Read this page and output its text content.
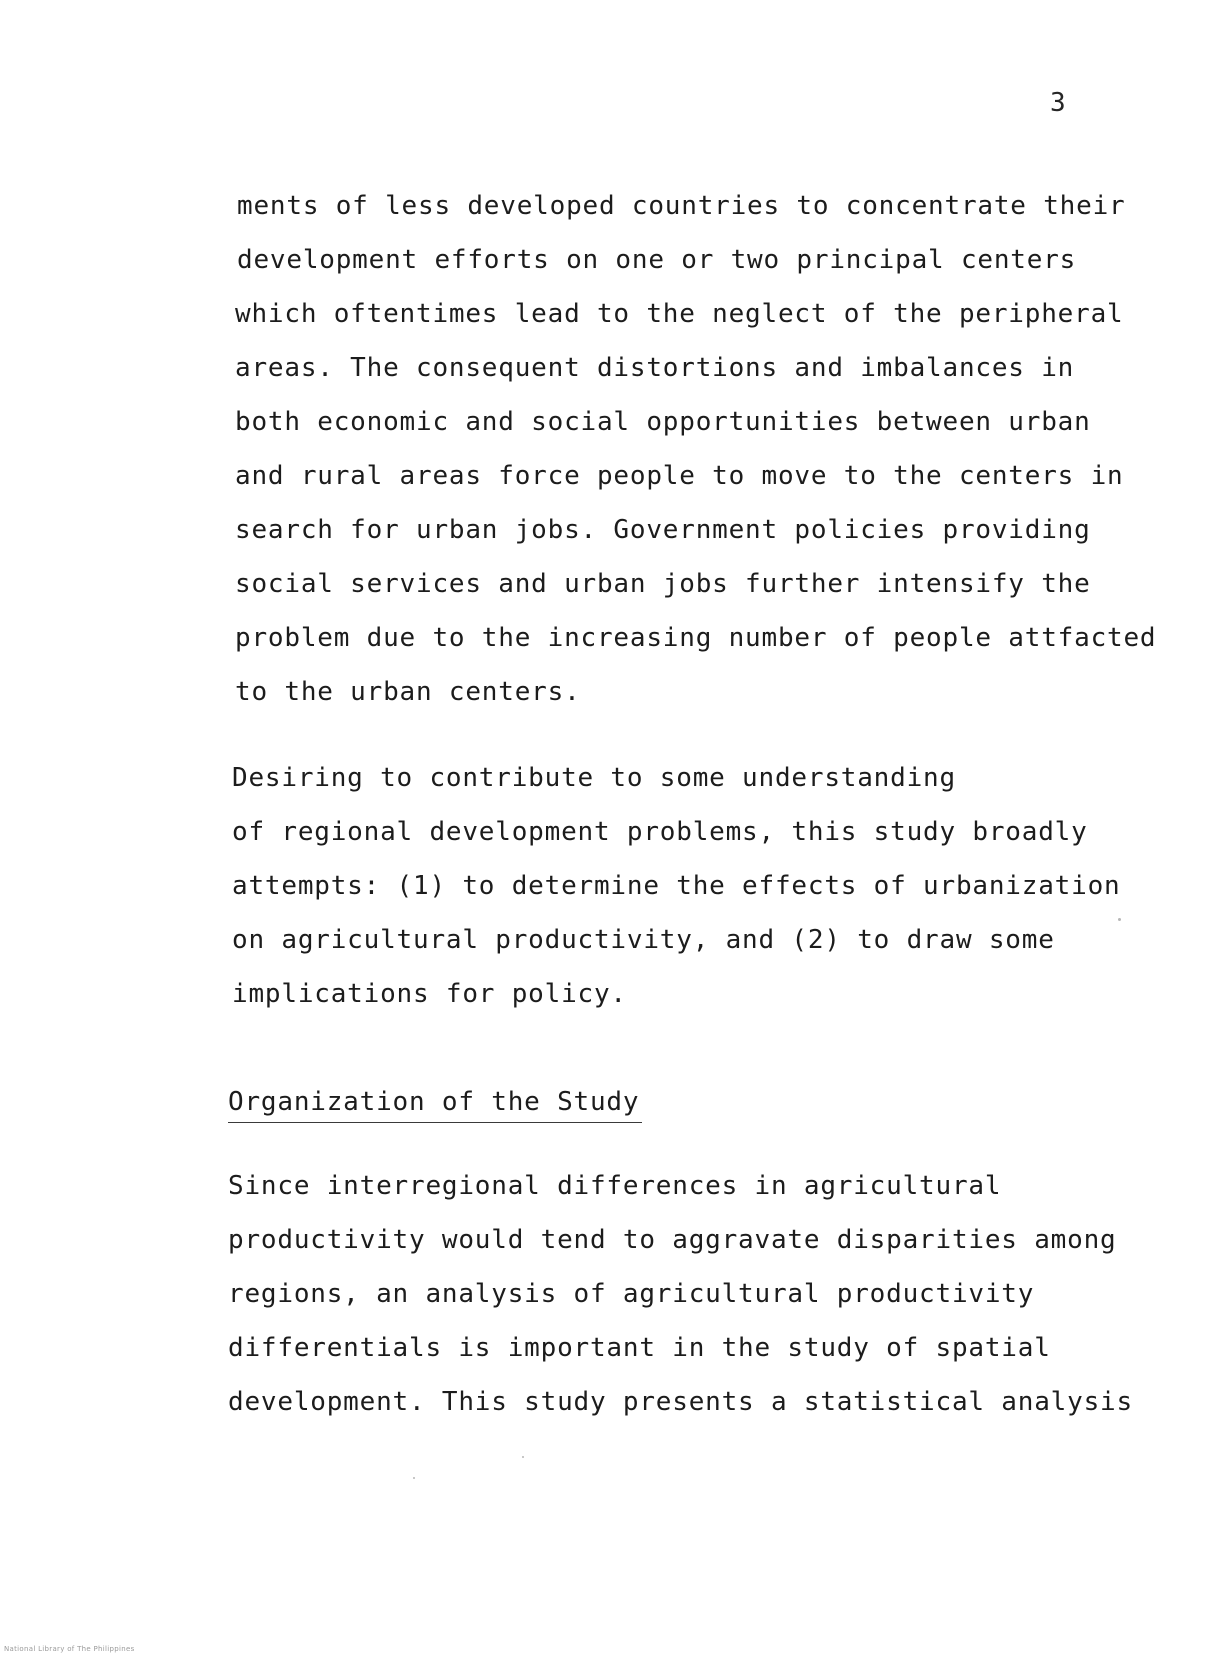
3
ments of less developed countries to concentrate their
development efforts on one or two principal centers
which oftentimes lead to the neglect of the peripheral
areas. The consequent distortions and imbalances in
both economic and social opportunities between urban
and rural areas force people to move to the centers in
search for urban jobs. Government policies providing
social services and urban jobs further intensify the
problem due to the increasing number of people attfacted
to the urban centers.
Desiring to contribute to some understanding
of regional development problems, this study broadly
attempts: (1) to determine the effects of urbanization
on agricultural productivity, and (2) to draw some
implications for policy.
Organization of the Study
Since interregional differences in agricultural
productivity would tend to aggravate disparities among
regions, an analysis of agricultural productivity
differentials is important in the study of spatial
development. This study presents a statistical analysis
National Library of The Philippines
